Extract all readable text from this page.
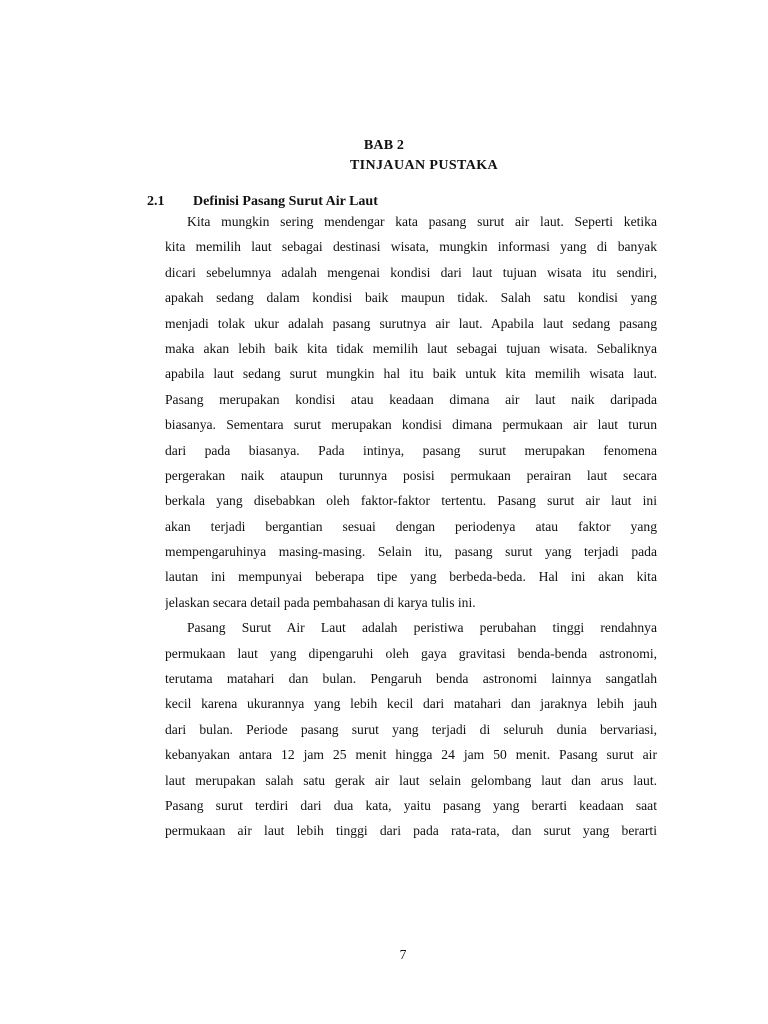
BAB 2
TINJAUAN PUSTAKA
2.1 Definisi Pasang Surut Air Laut
Kita mungkin sering mendengar kata pasang surut air laut. Seperti ketika
kita memilih laut sebagai destinasi wisata, mungkin informasi yang di banyak
dicari sebelumnya adalah mengenai kondisi dari laut tujuan wisata itu sendiri,
apakah sedang dalam kondisi baik maupun tidak. Salah satu kondisi yang
menjadi tolak ukur adalah pasang surutnya air laut. Apabila laut sedang pasang
maka akan lebih baik kita tidak memilih laut sebagai tujuan wisata. Sebaliknya
apabila laut sedang surut mungkin hal itu baik untuk kita memilih wisata laut.
Pasang merupakan kondisi atau keadaan dimana air laut naik daripada
biasanya. Sementara surut merupakan kondisi dimana permukaan air laut turun
dari pada biasanya. Pada intinya, pasang surut merupakan fenomena
pergerakan naik ataupun turunnya posisi permukaan perairan laut secara
berkala yang disebabkan oleh faktor-faktor tertentu. Pasang surut air laut ini
akan terjadi bergantian sesuai dengan periodenya atau faktor yang
mempengaruhinya masing-masing. Selain itu, pasang surut yang terjadi pada
lautan ini mempunyai beberapa tipe yang berbeda-beda. Hal ini akan kita
jelaskan secara detail pada pembahasan di karya tulis ini.
Pasang Surut Air Laut adalah peristiwa perubahan tinggi rendahnya
permukaan laut yang dipengaruhi oleh gaya gravitasi benda-benda astronomi,
terutama matahari dan bulan. Pengaruh benda astronomi lainnya sangatlah
kecil karena ukurannya yang lebih kecil dari matahari dan jaraknya lebih jauh
dari bulan. Periode pasang surut yang terjadi di seluruh dunia bervariasi,
kebanyakan antara 12 jam 25 menit hingga 24 jam 50 menit. Pasang surut air
laut merupakan salah satu gerak air laut selain gelombang laut dan arus laut.
Pasang surut terdiri dari dua kata, yaitu pasang yang berarti keadaan saat
permukaan air laut lebih tinggi dari pada rata-rata, dan surut yang berarti
7
